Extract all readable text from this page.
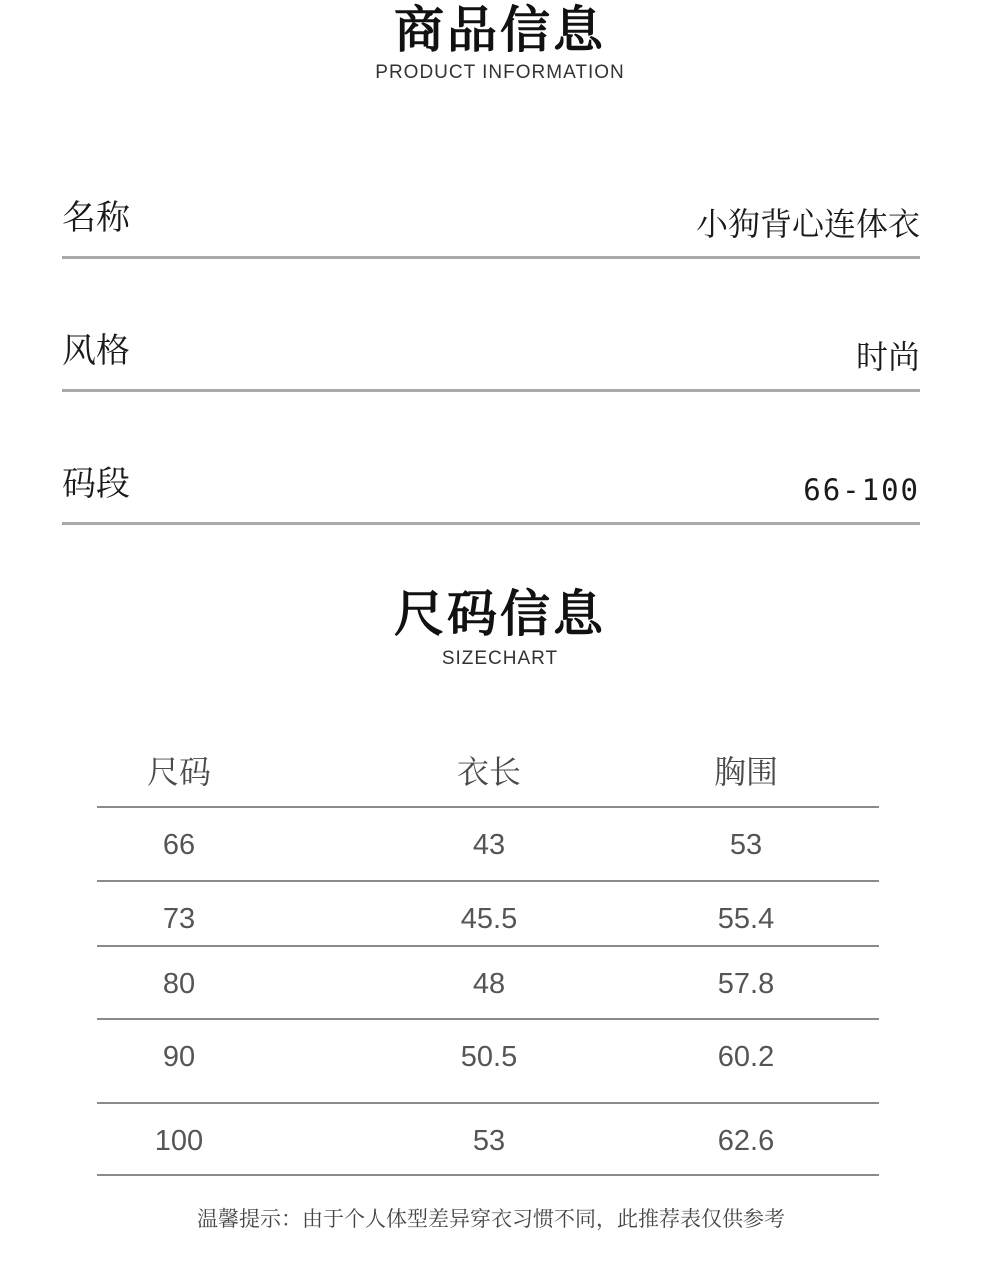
商品信息
PRODUCT INFORMATION
名称	小狗背心连体衣
风格	时尚
码段	66-100
尺码信息
SIZECHART
尺码	衣长	胸围
66	43	53
73	45.5	55.4
80	48	57.8
90	50.5	60.2
100	53	62.6
温馨提示：由于个人体型差异穿衣习惯不同，此推荐表仅供参考
